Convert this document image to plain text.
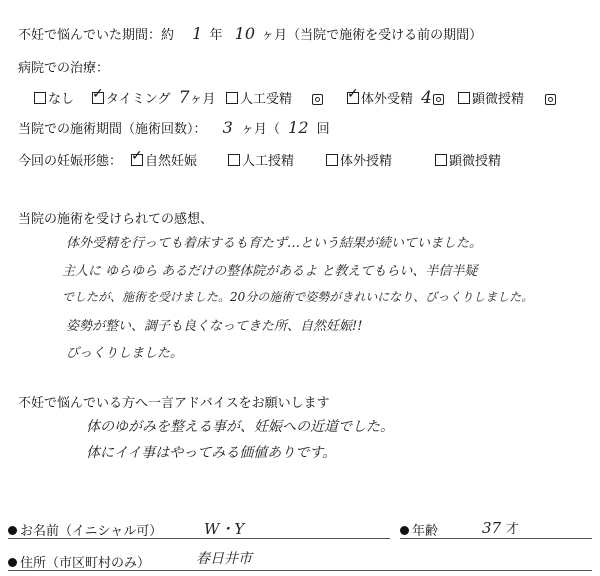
不妊で悩んでいた期間：約 1 年 10 ヶ月（当院で施術を受ける前の期間）
病院での治療：
なし ✓	タイミング 7ヶ月	人工受精 ✓	体外受精 4	顕微授精
当院での施術期間（施術回数）： 3 ヶ月（ 12 回
今回の妊娠形態： ✓	自然妊娠	人工授精	体外授精	顕微授精
当院の施術を受けられての感想、
体外受精を行っても着床するも育たず…という結果が続いていました。
主人に ゆらゆら あるだけの整体院があるよ と教えてもらい、半信半疑
でしたが、施術を受けました。20分の施術で姿勢がきれいになり、びっくりしました。
姿勢が整い、調子も良くなってきた所、自然妊娠!!
びっくりしました。
不妊で悩んでいる方へ一言アドバイスをお願いします
体のゆがみを整える事が、妊娠への近道でした。
体にイイ事はやってみる価値ありです。
お名前（イニシャル可）	W・Y	年齢	37 才
住所（市区町村のみ）	春日井市
